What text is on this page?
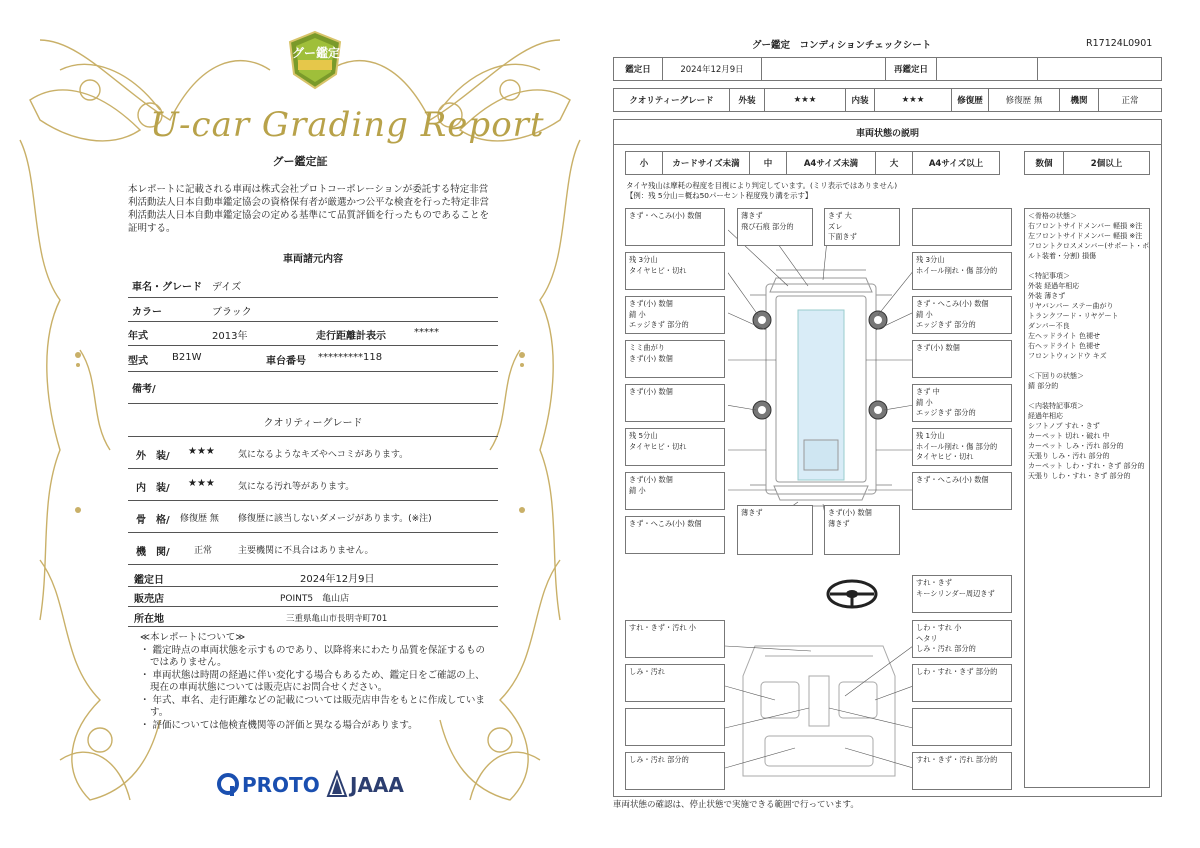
グー鑑定
U-car Grading Report
グー鑑定証
本レポートに記載される車両は株式会社プロトコーポレーションが委託する特定非営利活動法人日本自動車鑑定協会の資格保有者が厳選かつ公平な検査を行った特定非営利活動法人日本自動車鑑定協会の定める基準にて品質評価を行ったものであることを証明する。
車両諸元内容
車名・グレード デイズ
カラー	ブラック
年式	2013年	走行距離計表示	*****
型式 B21W	車台番号 *********118
備考/
クオリティーグレード
外　装/ ★★★	気になるようなキズやヘコミがあります。
内　装/ ★★★	気になる汚れ等があります。
骨　格/ 修復歴 無 修復歴に該当しないダメージがあります。(※注)
機　関/	正常	主要機関に不具合はありません。
鑑定日	2024年12月9日
販売店	POINT5　亀山店
所在地	三重県亀山市長明寺町701
≪本レポートについて≫
・ 鑑定時点の車両状態を示すものであり、以降将来にわたり品質を保証するものではありません。
・ 車両状態は時間の経過に伴い変化する場合もあるため、鑑定日をご確認の上、現在の車両状態については販売店にお問合せください。
・ 年式、車名、走行距離などの記載については販売店申告をもとに作成しています。
・ 評価については他検査機関等の評価と異なる場合があります。
PROTO JAAA
グー鑑定　コンディションチェックシート	R17124L0901
鑑定日	2024年12月9日	再鑑定日
クオリティーグレード	外装	★★★	内装	★★★	修復歴	修復歴 無	機関	正常
車両状態の説明
小	カードサイズ未満	中	A4サイズ未満	大	A4サイズ以上	数個	2個以上
タイヤ残山は摩耗の程度を目視により判定しています。(ミリ表示ではありません)
【例：残 5分山＝概ね50パーセント程度残り溝を示す】
きず・へこみ(小) 数個	薄きず
飛び石痕 部分的
きず 大
ズレ
下面きず
残 3分山
タイヤヒビ・切れ
残 3分山
ホイール削れ・傷 部分的
きず(小) 数個
錆 小
エッジきず 部分的
きず・へこみ(小) 数個
錆 小
エッジきず 部分的
ミミ曲がり
きず(小) 数個
きず(小) 数個
きず(小) 数個	きず 中
錆 小
エッジきず 部分的
残 5分山
タイヤヒビ・切れ
残 1分山
ホイール削れ・傷 部分的
タイヤヒビ・切れ
きず(小) 数個
錆 小
きず・へこみ(小) 数個
きず・へこみ(小) 数個
薄きず	きず(小) 数個
薄きず
すれ・きず
キーシリンダー周辺きず
すれ・きず・汚れ 小	しわ・すれ 小
ヘタリ
しみ・汚れ 部分的
しみ・汚れ	しわ・すれ・きず 部分的
しみ・汚れ 部分的	すれ・きず・汚れ 部分的
＜骨格の状態＞
右フロントサイドメンバー 軽損 ※注
左フロントサイドメンバー 軽損 ※注
フロントクロスメンバー(サポート・ボ
ルト装着・分割) 損傷

＜特記事項＞
外装 経過年相応
外装 薄きず
リヤバンパー ステー曲がり
トランクフード・リヤゲート
ダンパー不良
左ヘッドライト 色褪せ
右ヘッドライト 色褪せ
フロントウィンドウ キズ

＜下回りの状態＞
錆 部分的

＜内装特記事項＞
経過年相応
シフトノブ すれ・きず
カーペット 切れ・破れ 中
カーペット しみ・汚れ 部分的
天張り しみ・汚れ 部分的
カーペット しわ・すれ・きず 部分的
天張り しわ・すれ・きず 部分的
車両状態の確認は、停止状態で実施できる範囲で行っています。
